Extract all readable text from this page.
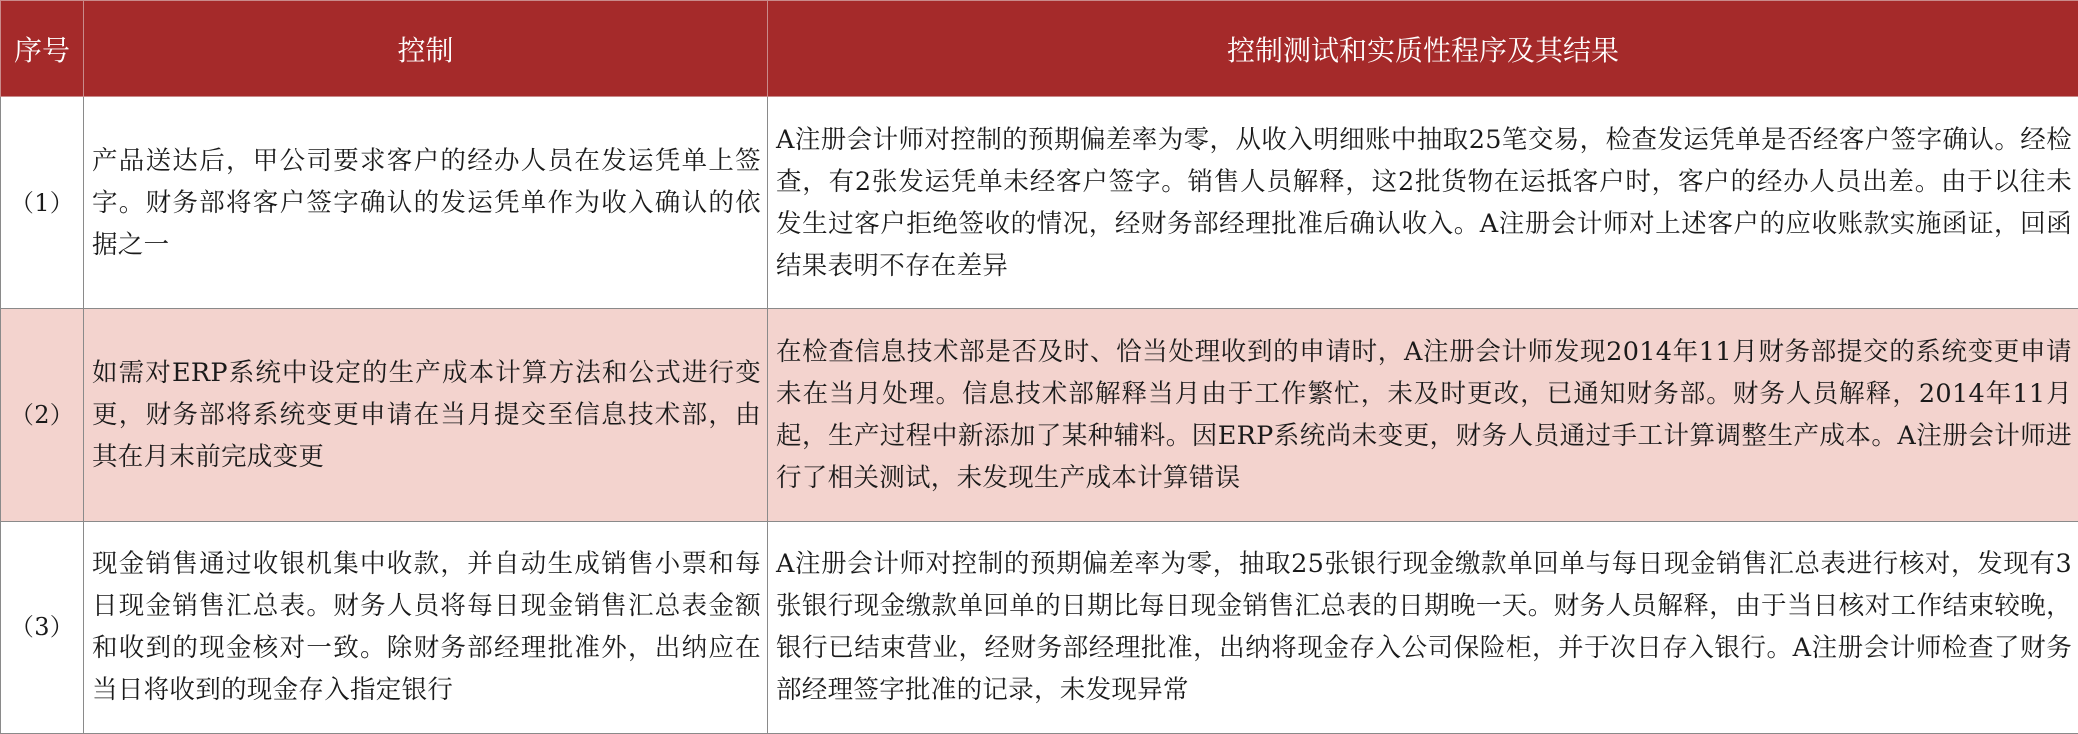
序号	控制	控制测试和实质性程序及其结果
（1）	产品送达后，甲公司要求客户的经办人员在发运凭单上签字。财务部将客户签字确认的发运凭单作为收入确认的依据之一	A注册会计师对控制的预期偏差率为零，从收入明细账中抽取25笔交易，检查发运凭单是否经客户签字确认。经检查，有2张发运凭单未经客户签字。销售人员解释，这2批货物在运抵客户时，客户的经办人员出差。由于以往未发生过客户拒绝签收的情况，经财务部经理批准后确认收入。A注册会计师对上述客户的应收账款实施函证，回函结果表明不存在差异
（2）	如需对ERP系统中设定的生产成本计算方法和公式进行变更，财务部将系统变更申请在当月提交至信息技术部，由其在月末前完成变更	在检查信息技术部是否及时、恰当处理收到的申请时，A注册会计师发现2014年11月财务部提交的系统变更申请未在当月处理。信息技术部解释当月由于工作繁忙，未及时更改，已通知财务部。财务人员解释，2014年11月起，生产过程中新添加了某种辅料。因ERP系统尚未变更，财务人员通过手工计算调整生产成本。A注册会计师进行了相关测试，未发现生产成本计算错误
（3）	现金销售通过收银机集中收款，并自动生成销售小票和每日现金销售汇总表。财务人员将每日现金销售汇总表金额和收到的现金核对一致。除财务部经理批准外，出纳应在当日将收到的现金存入指定银行	A注册会计师对控制的预期偏差率为零，抽取25张银行现金缴款单回单与每日现金销售汇总表进行核对，发现有3张银行现金缴款单回单的日期比每日现金销售汇总表的日期晚一天。财务人员解释，由于当日核对工作结束较晚，银行已结束营业，经财务部经理批准，出纳将现金存入公司保险柜，并于次日存入银行。A注册会计师检查了财务部经理签字批准的记录，未发现异常
